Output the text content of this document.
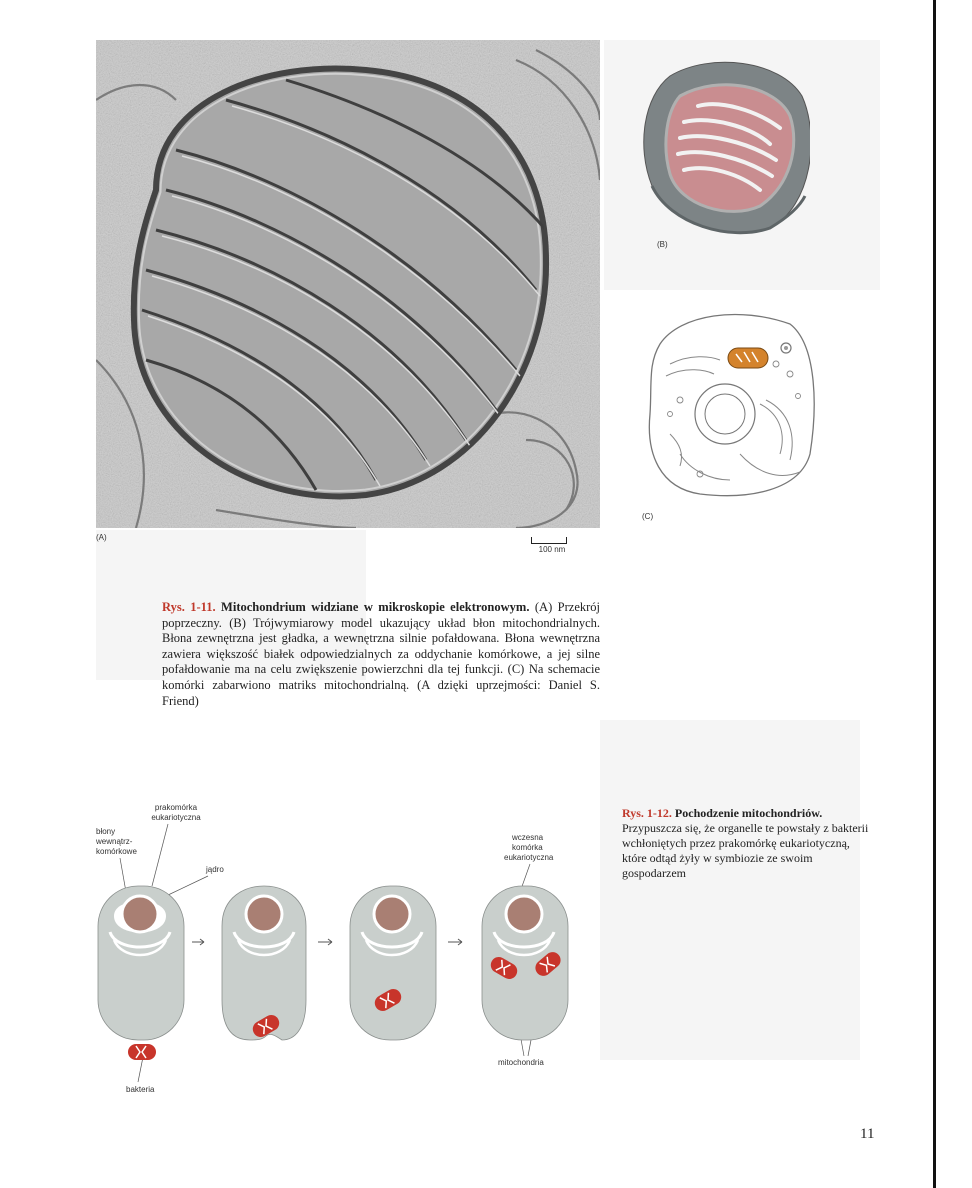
(A)
100 nm
(B)
(C)
Rys. 1-11. Mitochondrium widziane w mikroskopie elektronowym. (A) Przekrój poprzeczny. (B) Trójwymiarowy model ukazujący układ błon mitochondrialnych. Błona zewnętrzna jest gładka, a wewnętrzna silnie pofałdowana. Błona wewnętrzna zawiera większość białek odpowiedzialnych za oddychanie komórkowe, a jej silne pofałdowanie ma na celu zwiększenie powierzchni dla tej funkcji. (C) Na schemacie komórki zabarwiono matriks mitochondrialną. (A dzięki uprzejmości: Daniel S. Friend)
błony
wewnątrz-
komórkowe
jądro
wczesna
komórka
eukariotyczna
mitochondria
bakteria
prakomórka eukariotyczna	Rys. 1-12. Pochodzenie mitochondriów. Przypuszcza się, że organelle te powstały z bakterii wchłoniętych przez prakomórkę eukariotyczną, które odtąd żyły w symbiozie ze swoim gospodarzem
11
